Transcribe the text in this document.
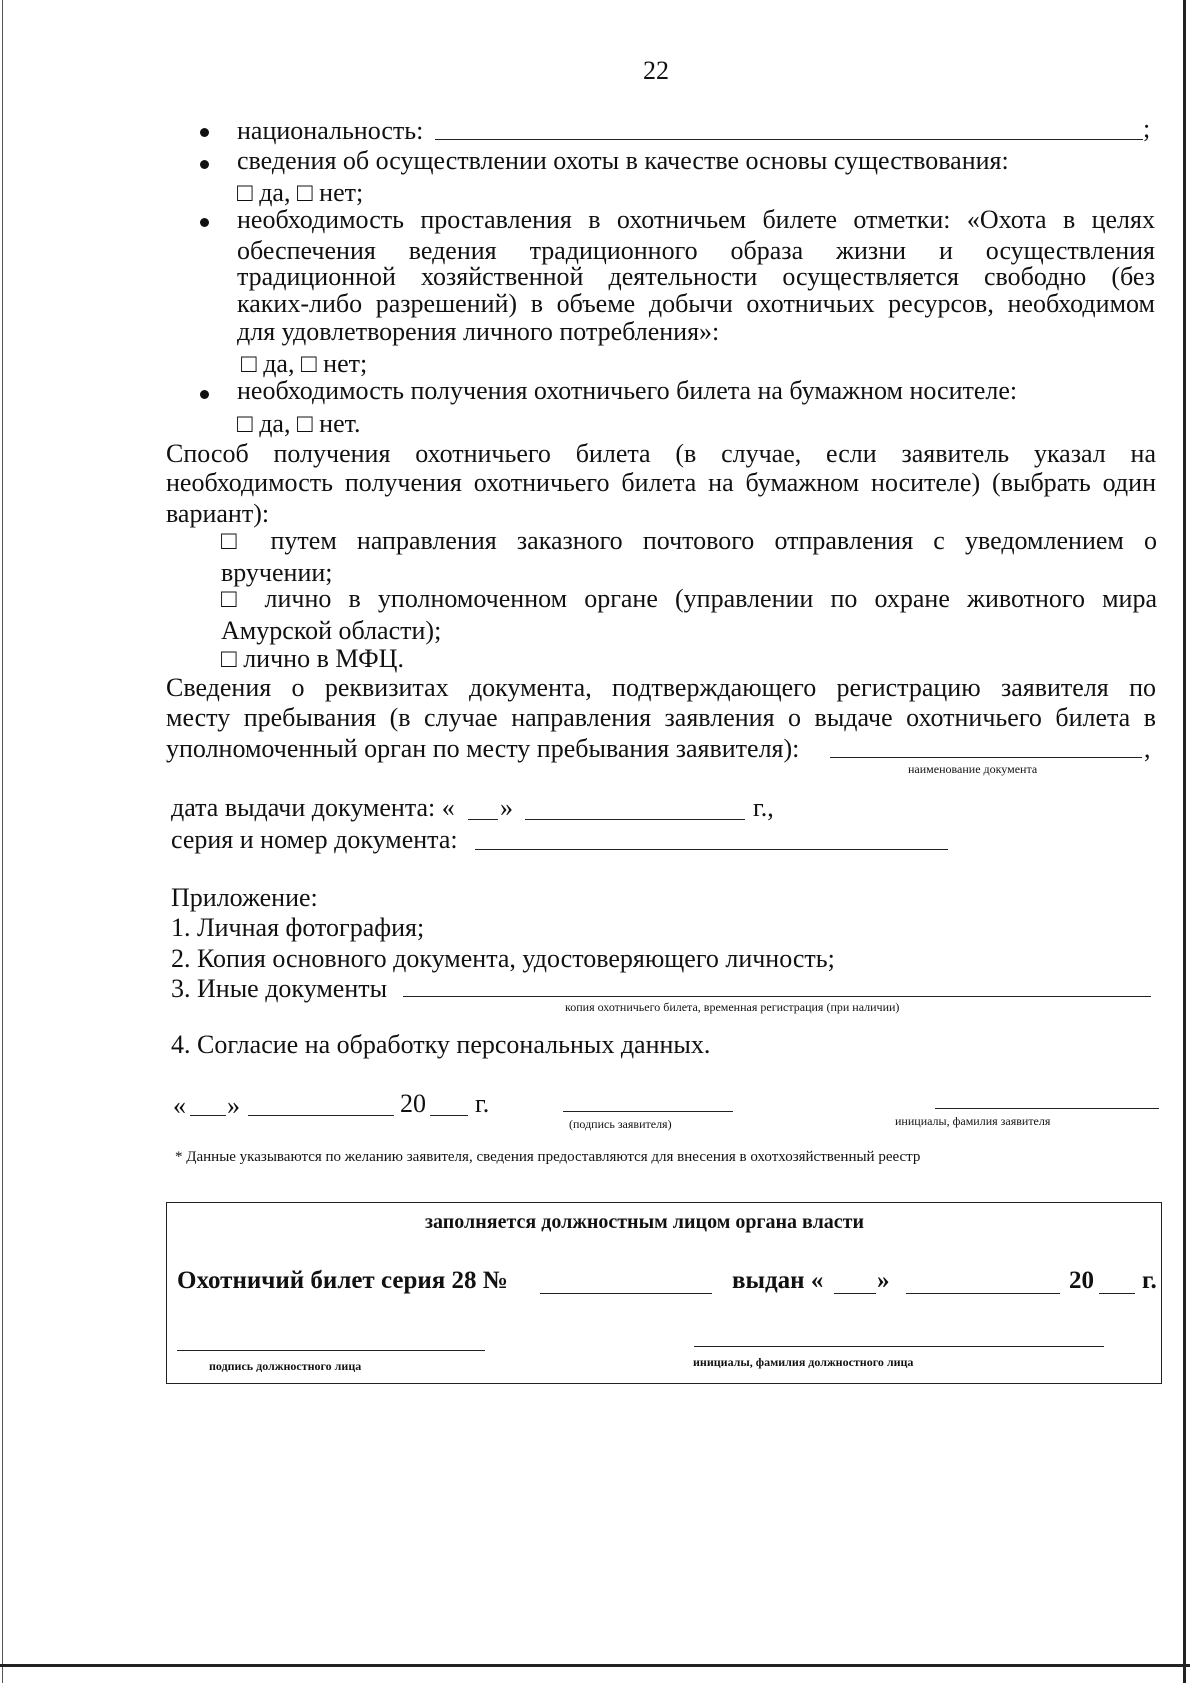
22
национальность:	;
сведения об осуществлении охоты в качестве основы существования:
□ да, □ нет;
необходимость проставления в охотничьем билете отметки: «Охота в целях
обеспечения ведения традиционного образа жизни и осуществления
традиционной хозяйственной деятельности осуществляется свободно (без
каких-либо разрешений) в объеме добычи охотничьих ресурсов, необходимом
для удовлетворения личного потребления»:
□ да, □ нет;
необходимость получения охотничьего билета на бумажном носителе:
□ да, □ нет.
Способ получения охотничьего билета (в случае, если заявитель указал на
необходимость получения охотничьего билета на бумажном носителе) (выбрать один
вариант):
□ путем направления заказного почтового отправления с уведомлением о
вручении;
□ лично в уполномоченном органе (управлении по охране животного мира
Амурской области);
□ лично в МФЦ.
Сведения о реквизитах документа, подтверждающего регистрацию заявителя по
месту пребывания (в случае направления заявления о выдаче охотничьего билета в
уполномоченный орган по месту пребывания заявителя):	,
наименование документа
дата выдачи документа: « »	г.,
серия и номер документа:
Приложение:
1. Личная фотография;
2. Копия основного документа, удостоверяющего личность;
3. Иные документы
копия охотничьего билета, временная регистрация (при наличии)
4. Согласие на обработку персональных данных.
« »	20 г.
(подпись заявителя)	инициалы, фамилия заявителя
* Данные указываются по желанию заявителя, сведения предоставляются для внесения в охотхозяйственный реестр
заполняется должностным лицом органа власти
Охотничий билет серия 28 №	выдан « »	20 г.
подпись должностного лица	инициалы, фамилия должностного лица
